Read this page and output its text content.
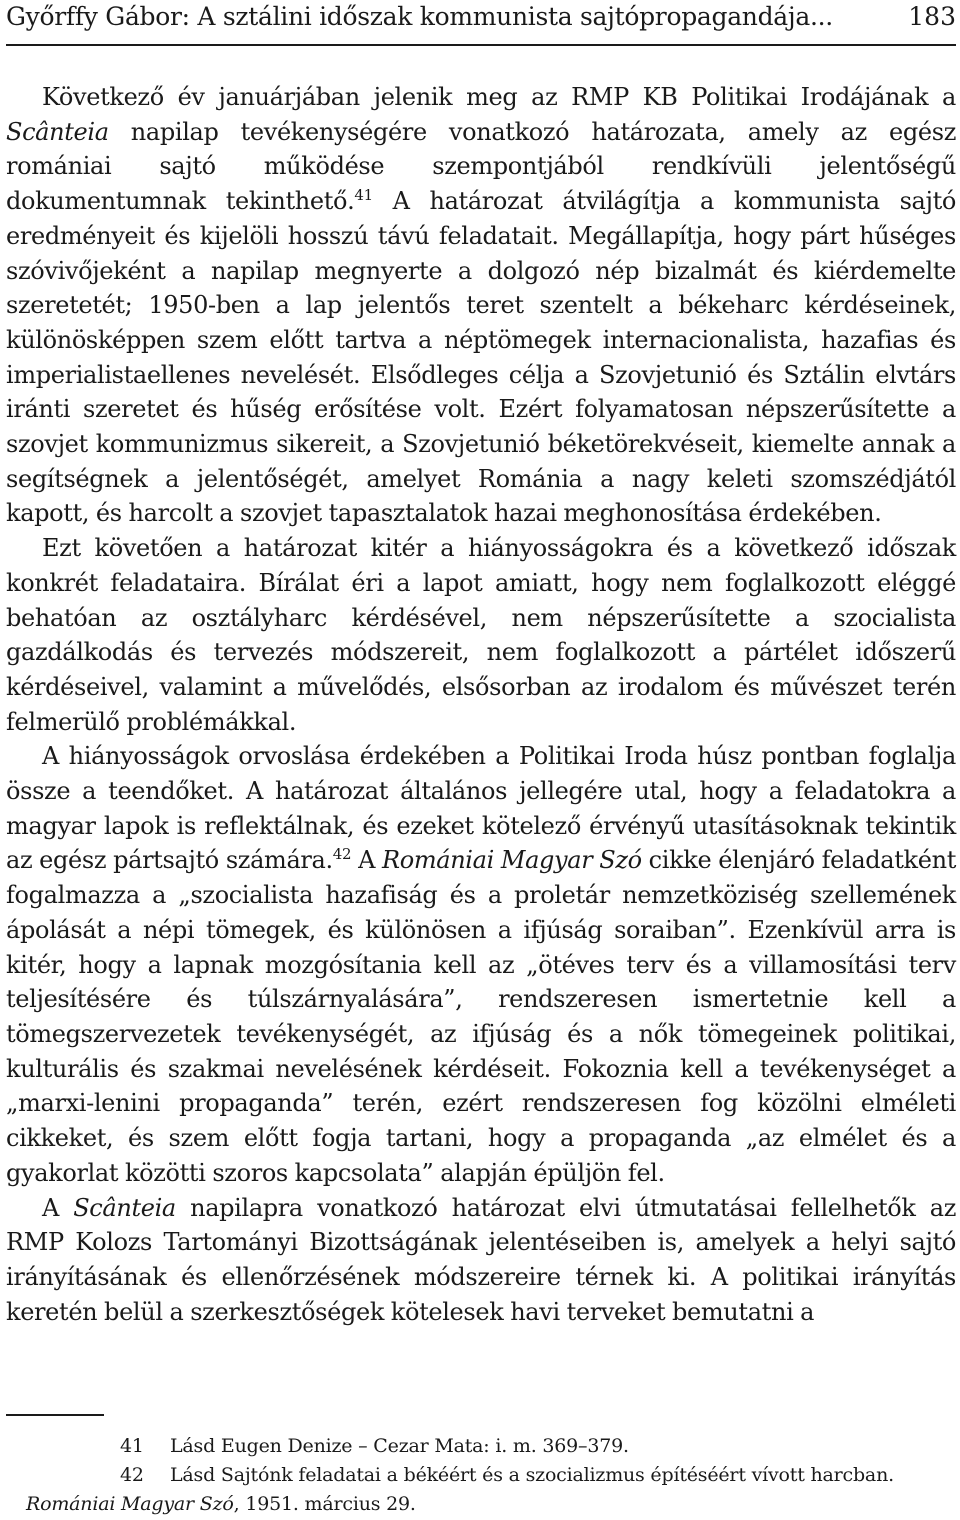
Győrffy Gábor: A sztálini időszak kommunista sajtópropagandája...	183

Következő év januárjában jelenik meg az RMP KB Politikai Irodájának a Scânteia napilap tevékenységére vonatkozó határozata, amely az egész romániai sajtó működése szempontjából rendkívüli jelentőségű dokumentumnak tekinthető.$^{41}$ A határozat átvilágítja a kommunista sajtó eredményeit és kijelöli hosszú távú feladatait. Megállapítja, hogy párt hűséges szóvivőjeként a napilap megnyerte a dolgozó nép bizalmát és kiérdemelte szeretetét; 1950-ben a lap jelentős teret szentelt a békeharc kérdéseinek, különösképpen szem előtt tartva a néptömegek internacionalista, hazafias és imperialistaellenes nevelését. Elsődleges célja a Szovjetunió és Sztálin elvtárs iránti szeretet és hűség erősítése volt. Ezért folyamatosan népszerűsítette a szovjet kommunizmus sikereit, a Szovjetunió béketörekvéseit, kiemelte annak a segítségnek a jelentőségét, amelyet Románia a nagy keleti szomszédjától kapott, és harcolt a szovjet tapasztalatok hazai meghonosítása érdekében.

Ezt követően a határozat kitér a hiányosságokra és a következő időszak konkrét feladataira. Bírálat éri a lapot amiatt, hogy nem foglalkozott eléggé behatóan az osztályharc kérdésével, nem népszerűsítette a szocialista gazdálkodás és tervezés módszereit, nem foglalkozott a pártélet időszerű kérdéseivel, valamint a művelődés, elsősorban az irodalom és művészet terén felmerülő problémákkal.

A hiányosságok orvoslása érdekében a Politikai Iroda húsz pontban foglalja össze a teendőket. A határozat általános jellegére utal, hogy a feladatokra a magyar lapok is reflektálnak, és ezeket kötelező érvényű utasításoknak tekintik az egész pártsajtó számára.$^{42}$ A Romániai Magyar Szó cikke élenjáró feladatként fogalmazza a „szocialista hazafiság és a proletár nemzetköziség szellemének ápolását a népi tömegek, és különösen a ifjúság soraiban”. Ezenkívül arra is kitér, hogy a lapnak mozgósítania kell az „ötéves terv és a villamosítási terv teljesítésére és túlszárnyalására”, rendszeresen ismertetnie kell a tömegszervezetek tevékenységét, az ifjúság és a nők tömegeinek politikai, kulturális és szakmai nevelésének kérdéseit. Fokoznia kell a tevékenységet a „marxi-lenini propaganda” terén, ezért rendszeresen fog közölni elméleti cikkeket, és szem előtt fogja tartani, hogy a propaganda „az elmélet és a gyakorlat közötti szoros kapcsolata” alapján épüljön fel.

A Scânteia napilapra vonatkozó határozat elvi útmutatásai fellelhetők az RMP Kolozs Tartományi Bizottságának jelentéseiben is, amelyek a helyi sajtó irányításának és ellenőrzésének módszereire térnek ki. A politikai irányítás keretén belül a szerkesztőségek kötelesek havi terveket bemutatni a

41 Lásd Eugen Denize – Cezar Mata: i. m. 369–379.
42 Lásd Sajtónk feladatai a békéért és a szocializmus építéséért vívott harcban.
Romániai Magyar Szó, 1951. március 29.
